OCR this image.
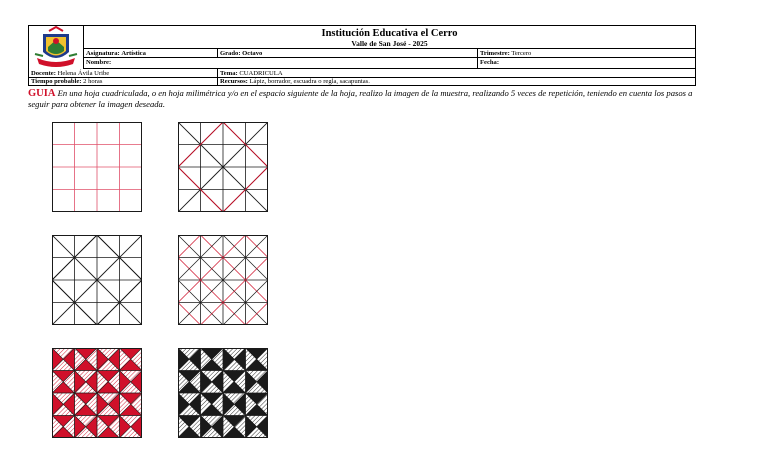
Institución Educativa el Cerro
Valle de San José - 2025
Asignatura: Artística	Grado: Octavo	Trimestre: Tercero
Nombre:	Fecha:
Docente: Helena Ávila Uribe	Tema: CUADRICULA
Tiempo probable: 2 horas	Recursos: Lápiz, borrador, escuadra o regla, sacapuntas.
GUIA En una hoja cuadriculada, o en hoja milimétrica y/o en el espacio siguiente de la hoja, realizo la imagen de la muestra, realizando 5 veces de repetición, teniendo en cuenta los pasos a seguir para obtener la imagen deseada.
